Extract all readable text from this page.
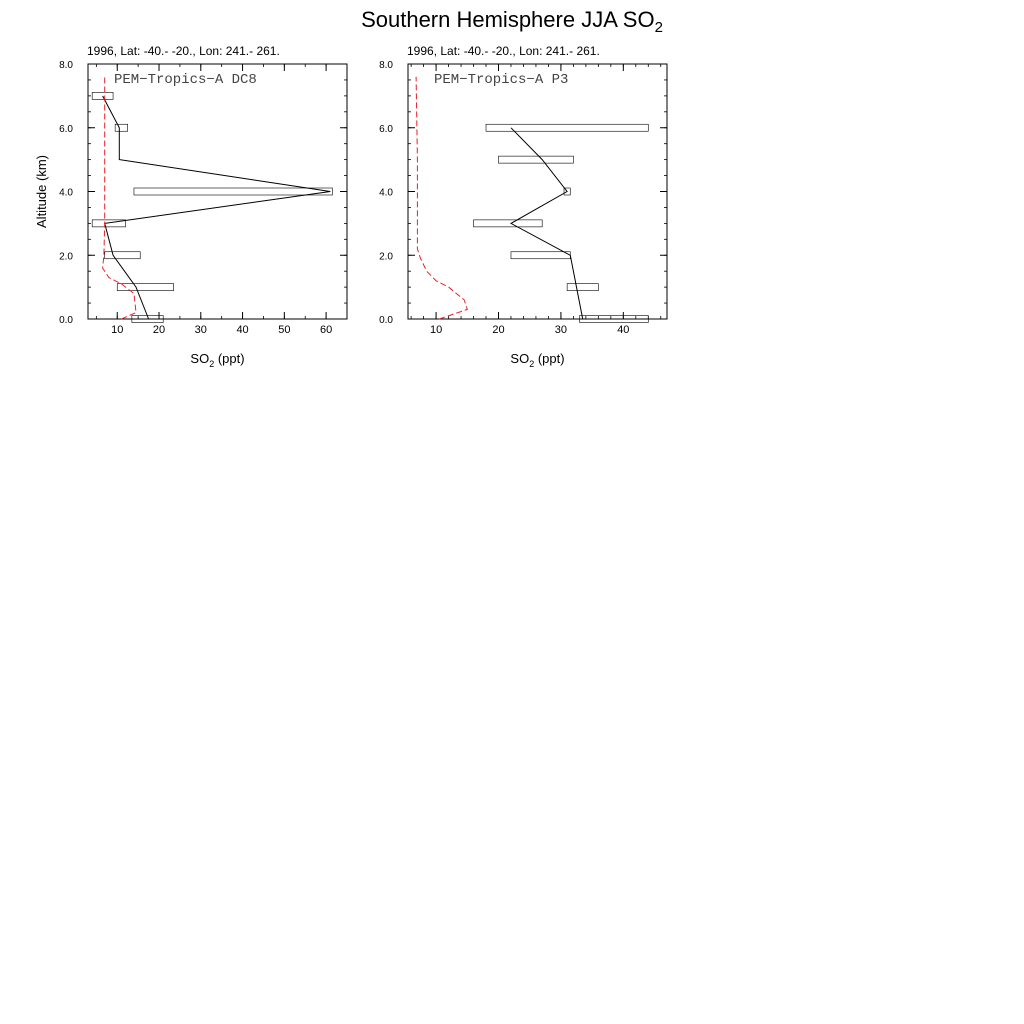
Southern Hemisphere JJA $SO_2$
1996, Lat: -40.- -20., Lon: 241.- 261.
10	20	30	40	50	60
0.0
2.0
4.0
6.0
8.0
Altitude (km)
$SO_2$ (ppt)
PEM−Tropics−A DC8
1996, Lat: -40.- -20., Lon: 241.- 261.
10	20	30	40
0.0
2.0
4.0
6.0
8.0
$SO_2$ (ppt)
PEM−Tropics−A P3
